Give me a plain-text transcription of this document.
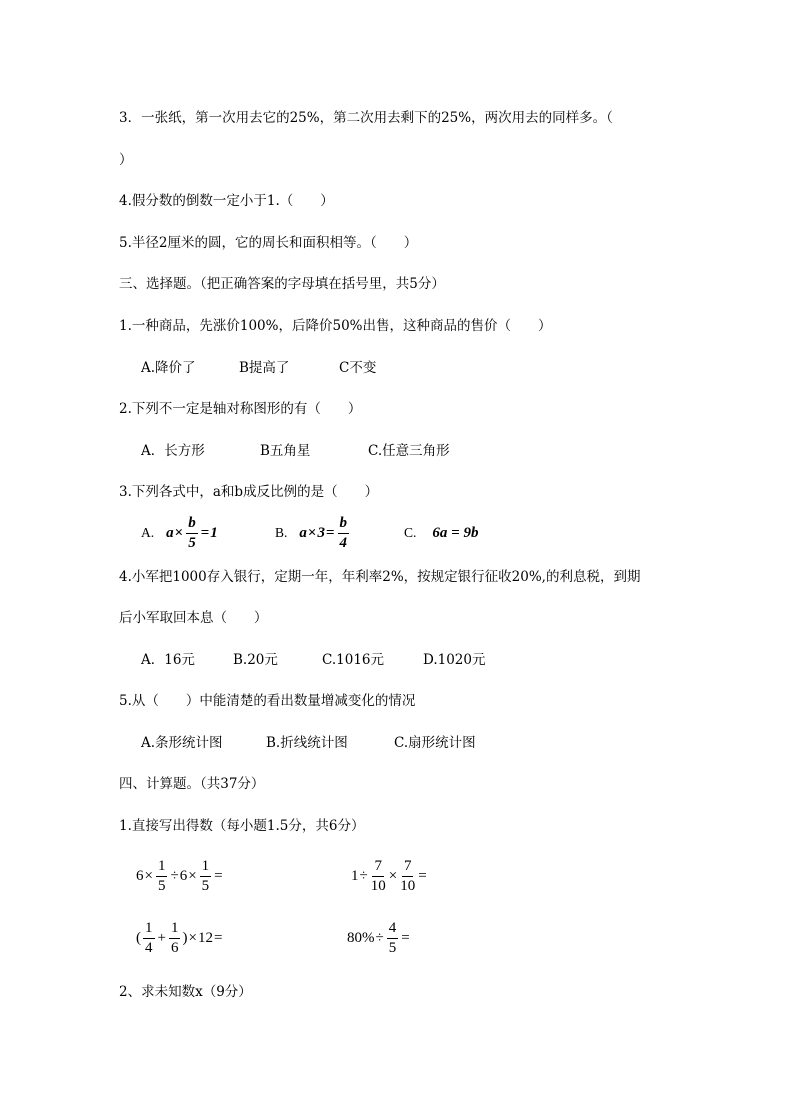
3．一张纸，第一次用去它的25%，第二次用去剩下的25%，两次用去的同样多。（
）
4.假分数的倒数一定小于1.（　　）
5.半径2厘米的圆，它的周长和面积相等。（　　）
三、选择题。（把正确答案的字母填在括号里，共5分）
1.一种商品，先涨价100%，后降价50%出售，这种商品的售价（　　）
A.降价了	B提高了	C不变
2.下列不一定是轴对称图形的有（　　）
A．长方形	B五角星	C.任意三角形
3.下列各式中，a和b成反比例的是（　　）
A. $a \times \frac{b}{5} = 1$	B. $a \times 3 = \frac{b}{4}$	C. 6a = 9b
4.小军把1000存入银行，定期一年，年利率2%，按规定银行征收20%,的利息税，到期
后小军取回本息（　　）
A．16元	B.20元	C.1016元	D.1020元
5.从（　　）中能清楚的看出数量增减变化的情况
A.条形统计图	B.折线统计图	C.扇形统计图
四、计算题。（共37分）
1.直接写出得数（每小题1.5分，共6分）
$6 \times \frac{1}{5} \div 6 \times \frac{1}{5}$ =	$1 \div \frac{7}{10} \times \frac{7}{10}$ =
( $\frac{1}{4} + \frac{1}{6}$ ) × 12 =	$80\% \div \frac{4}{5}$ =
2、求未知数x（9分）
